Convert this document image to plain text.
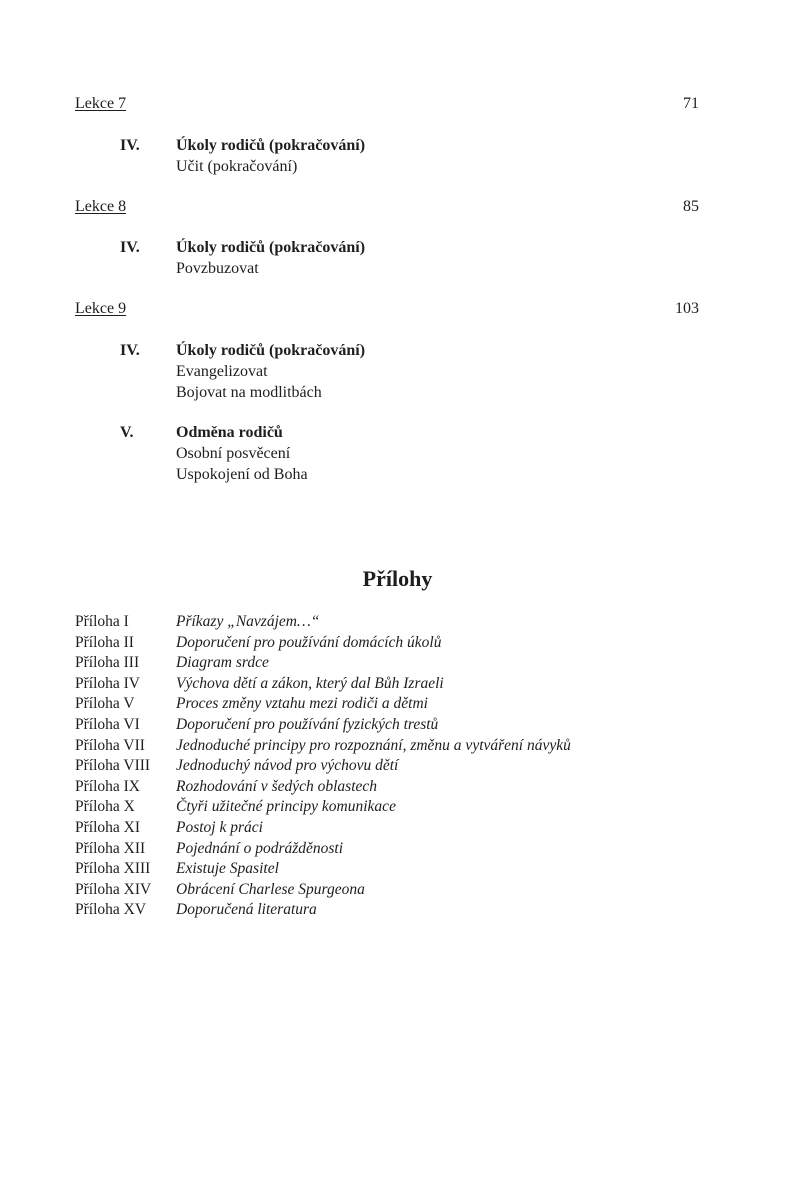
Lekce 7	71
IV.	Úkoly rodičů (pokračování)
Učit (pokračování)
Lekce 8	85
IV.	Úkoly rodičů (pokračování)
Povzbuzovat
Lekce 9	103
IV.	Úkoly rodičů (pokračování)
Evangelizovat
Bojovat na modlitbách
V.	Odměna rodičů
Osobní posvěcení
Uspokojení od Boha
Přílohy
Příloha I	Příkazy „Navzájem…“
Příloha II	Doporučení pro používání domácích úkolů
Příloha III Diagram srdce
Příloha IV Výchova dětí a zákon, který dal Bůh Izraeli
Příloha V	Proces změny vztahu mezi rodiči a dětmi
Příloha VI Doporučení pro používání fyzických trestů
Příloha VII Jednoduché principy pro rozpoznání, změnu a vytváření návyků
Příloha VIII Jednoduchý návod pro výchovu dětí
Příloha IX Rozhodování v šedých oblastech
Příloha X	Čtyři užitečné principy komunikace
Příloha XI Postoj k práci
Příloha XII Pojednání o podrážděnosti
Příloha XIII Existuje Spasitel
Příloha XIV Obrácení Charlese Spurgeona
Příloha XV Doporučená literatura
